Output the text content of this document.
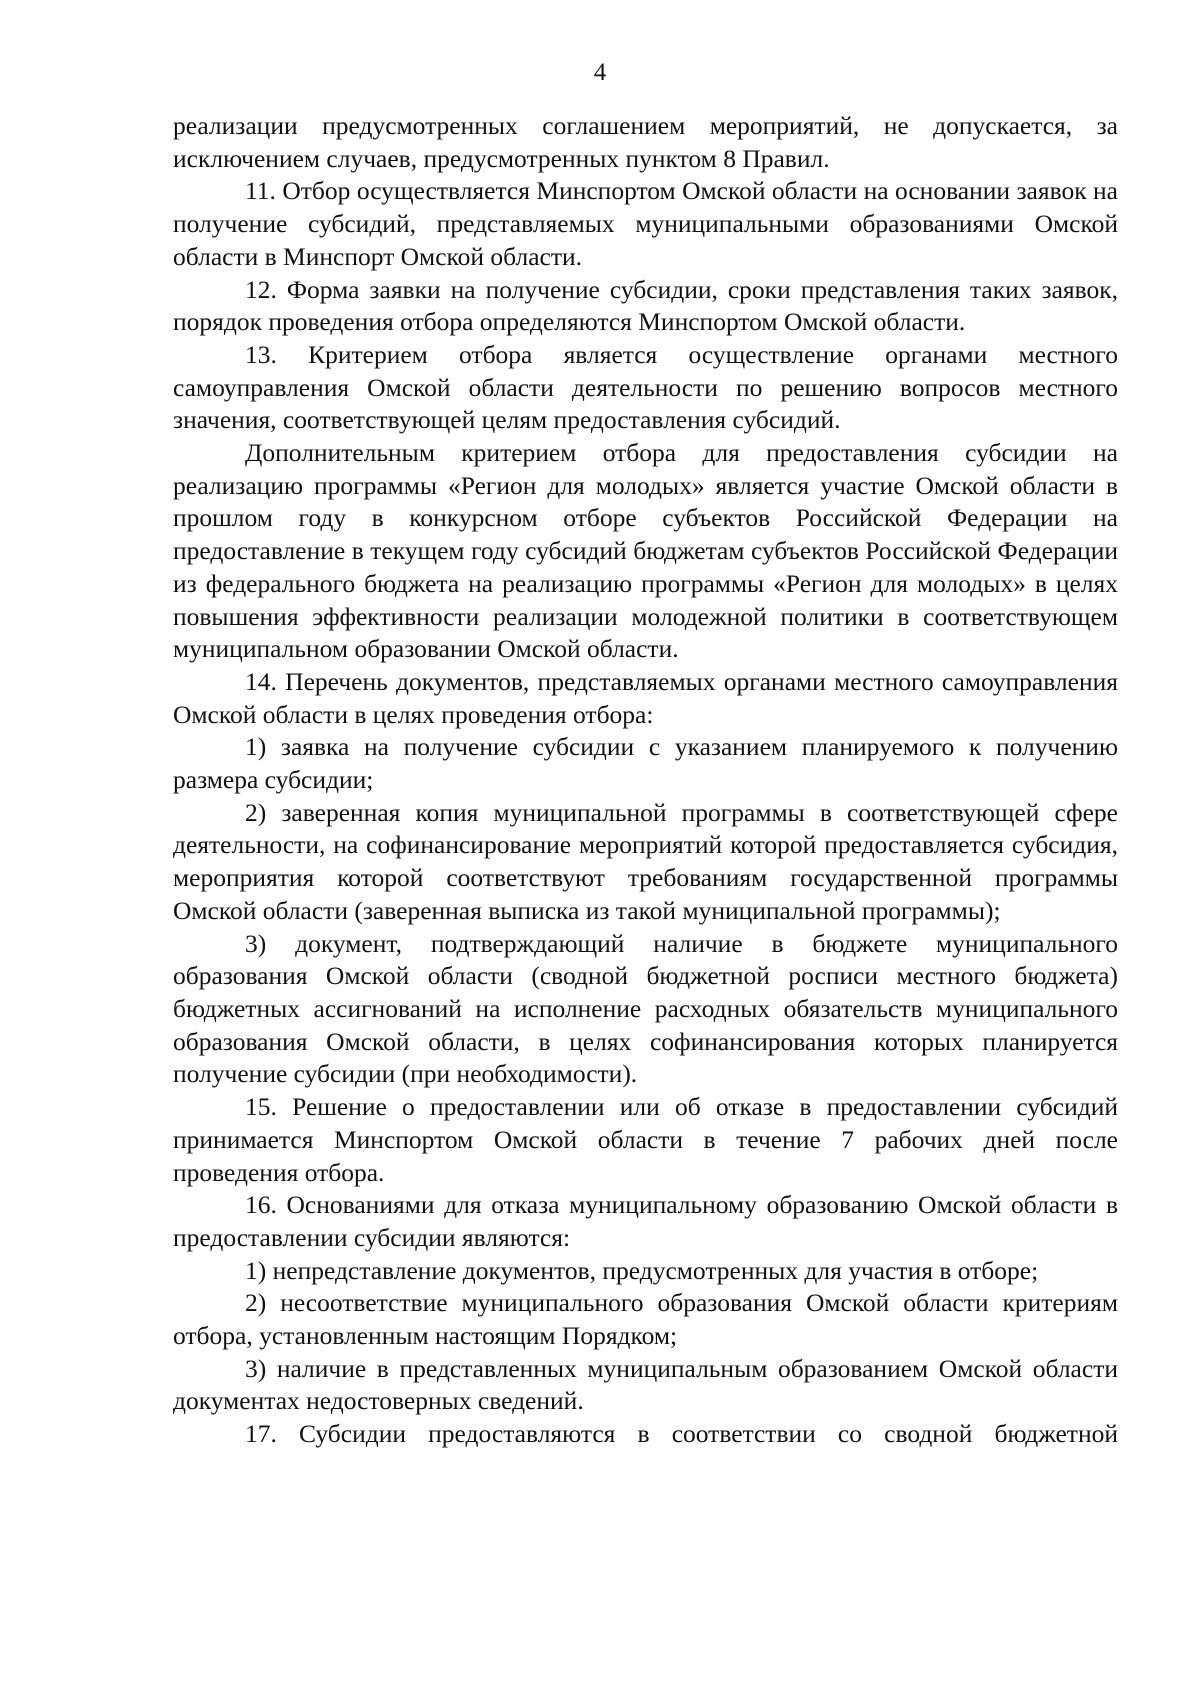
4

реализации предусмотренных соглашением мероприятий, не допускается, за исключением случаев, предусмотренных пунктом 8 Правил.

11. Отбор осуществляется Минспортом Омской области на основании заявок на получение субсидий, представляемых муниципальными образованиями Омской области в Минспорт Омской области.

12. Форма заявки на получение субсидии, сроки представления таких заявок, порядок проведения отбора определяются Минспортом Омской области.

13. Критерием отбора является осуществление органами местного самоуправления Омской области деятельности по решению вопросов местного значения, соответствующей целям предоставления субсидий.

Дополнительным критерием отбора для предоставления субсидии на реализацию программы «Регион для молодых» является участие Омской области в прошлом году в конкурсном отборе субъектов Российской Федерации на предоставление в текущем году субсидий бюджетам субъектов Российской Федерации из федерального бюджета на реализацию программы «Регион для молодых» в целях повышения эффективности реализации молодежной политики в соответствующем муниципальном образовании Омской области.

14. Перечень документов, представляемых органами местного самоуправления Омской области в целях проведения отбора:

1) заявка на получение субсидии с указанием планируемого к получению размера субсидии;

2) заверенная копия муниципальной программы в соответствующей сфере деятельности, на софинансирование мероприятий которой предоставляется субсидия, мероприятия которой соответствуют требованиям государственной программы Омской области (заверенная выписка из такой муниципальной программы);

3) документ, подтверждающий наличие в бюджете муниципального образования Омской области (сводной бюджетной росписи местного бюджета) бюджетных ассигнований на исполнение расходных обязательств муниципального образования Омской области, в целях софинансирования которых планируется получение субсидии (при необходимости).

15. Решение о предоставлении или об отказе в предоставлении субсидий принимается Минспортом Омской области в течение 7 рабочих дней после проведения отбора.

16. Основаниями для отказа муниципальному образованию Омской области в предоставлении субсидии являются:

1) непредставление документов, предусмотренных для участия в отборе;

2) несоответствие муниципального образования Омской области критериям отбора, установленным настоящим Порядком;

3) наличие в представленных муниципальным образованием Омской области документах недостоверных сведений.

17. Субсидии предоставляются в соответствии со сводной бюджетной
